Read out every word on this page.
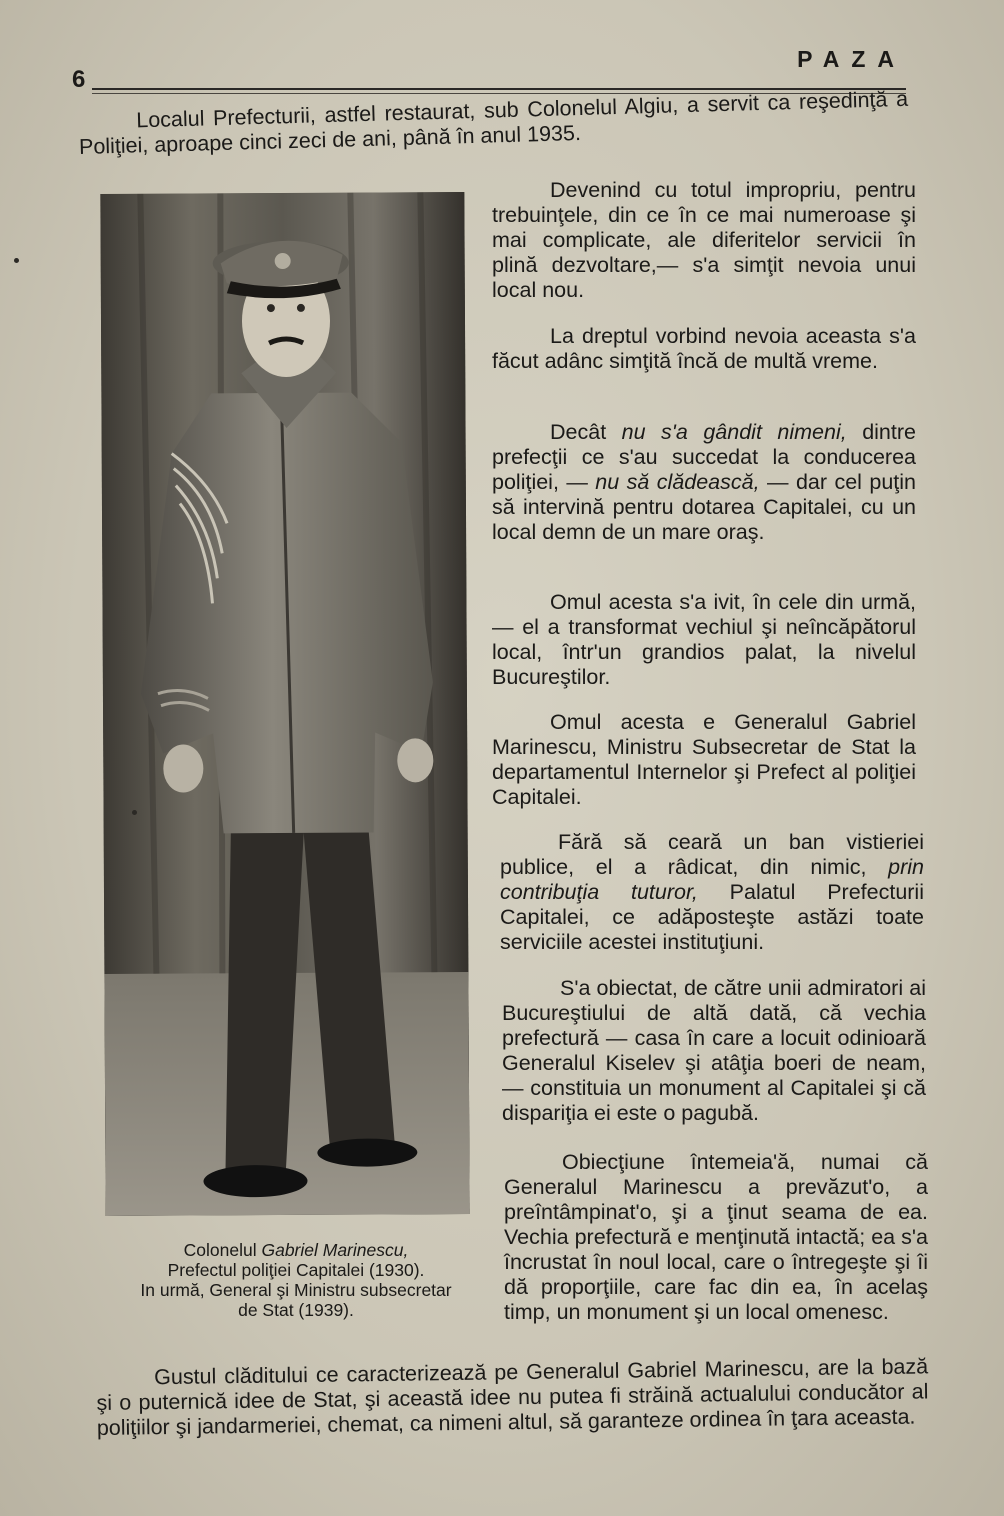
6
PAZA

Localul Prefecturii, astfel restaurat, sub Colonelul Algiu, a servit ca reşedinţă a Poliţiei, aproape cinci zeci de ani, până în anul 1935.

Colonelul Gabriel Marinescu,
Prefectul poliţiei Capitalei (1930).
In urmă, General şi Ministru subsecretar
de Stat (1939).

Devenind cu totul impropriu, pentru trebuinţele, din ce în ce mai numeroase şi mai complicate, ale diferitelor servicii în plină dezvoltare,— s'a simţit nevoia unui local nou.

La dreptul vorbind nevoia aceasta s'a făcut adânc simţită încă de multă vreme.

Decât nu s'a gândit nimeni, dintre prefecţii ce s'au succedat la conducerea poliţiei, — nu să clădească, — dar cel puţin să intervină pentru dotarea Capitalei, cu un local demn de un mare oraş.

Omul acesta s'a ivit, în cele din urmă, — el a transformat vechiul şi neîncăpătorul local, într'un grandios palat, la nivelul Bucureştilor.

Omul acesta e Generalul Gabriel Marinescu, Ministru Subsecretar de Stat la departamentul Internelor şi Prefect al poliţiei Capitalei.

Fără să ceară un ban vistieriei publice, el a râdicat, din nimic, prin contribuţia tuturor, Palatul Prefecturii Capitalei, ce adăposteşte astăzi toate serviciile acestei instituţiuni.

S'a obiectat, de către unii admiratori ai Bucureştiului de altă dată, că vechia prefectură — casa în care a locuit odinioară Generalul Kiselev şi atâţia boeri de neam, — constituia un monument al Capitalei şi că dispariţia ei este o pagubă.

Obiecţiune întemeia'ă, numai că Generalul Marinescu a prevăzut'o, a preîntâmpinat'o, şi a ţinut seama de ea. Vechia prefectură e menţinută intactă; ea s'a încrustat în noul local, care o întregeşte şi îi dă proporţiile, care fac din ea, în acelaş timp, un monument şi un local omenesc.

Gustul clăditului ce caracterizează pe Generalul Gabriel Marinescu, are la bază şi o puternică idee de Stat, şi această idee nu putea fi străină actualului conducător al poliţiilor şi jandarmeriei, chemat, ca nimeni altul, să garanteze ordinea în ţara aceasta.
